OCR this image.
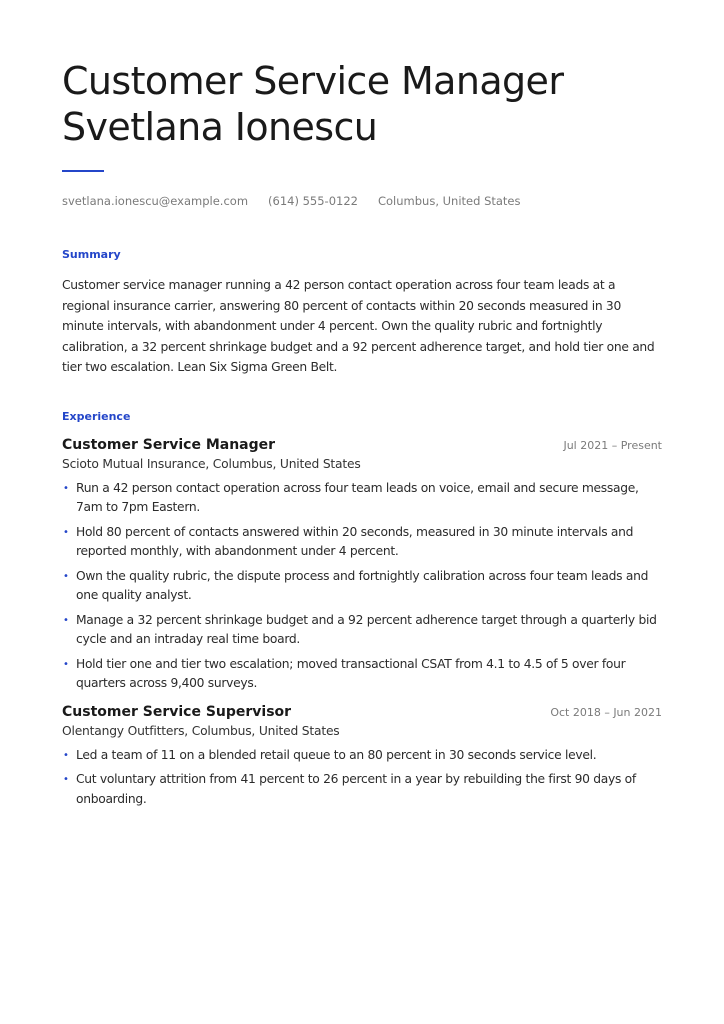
Customer Service Manager
Svetlana Ionescu
svetlana.ionescu@example.com (614) 555-0122 Columbus, United States
Summary

Customer service manager running a 42 person contact operation across four team leads at a regional insurance carrier, answering 80 percent of contacts within 20 seconds measured in 30 minute intervals, with abandonment under 4 percent. Own the quality rubric and fortnightly calibration, a 32 percent shrinkage budget and a 92 percent adherence target, and hold tier one and tier two escalation. Lean Six Sigma Green Belt.

Experience
Customer Service Manager	Jul 2021 – Present
Scioto Mutual Insurance, Columbus, United States
• Run a 42 person contact operation across four team leads on voice, email and secure message, 7am to 7pm Eastern.
• Hold 80 percent of contacts answered within 20 seconds, measured in 30 minute intervals and reported monthly, with abandonment under 4 percent.
• Own the quality rubric, the dispute process and fortnightly calibration across four team leads and one quality analyst.
• Manage a 32 percent shrinkage budget and a 92 percent adherence target through a quarterly bid cycle and an intraday real time board.
• Hold tier one and tier two escalation; moved transactional CSAT from 4.1 to 4.5 of 5 over four quarters across 9,400 surveys.
Customer Service Supervisor	Oct 2018 – Jun 2021
Olentangy Outfitters, Columbus, United States
• Led a team of 11 on a blended retail queue to an 80 percent in 30 seconds service level.
• Cut voluntary attrition from 41 percent to 26 percent in a year by rebuilding the first 90 days of onboarding.
